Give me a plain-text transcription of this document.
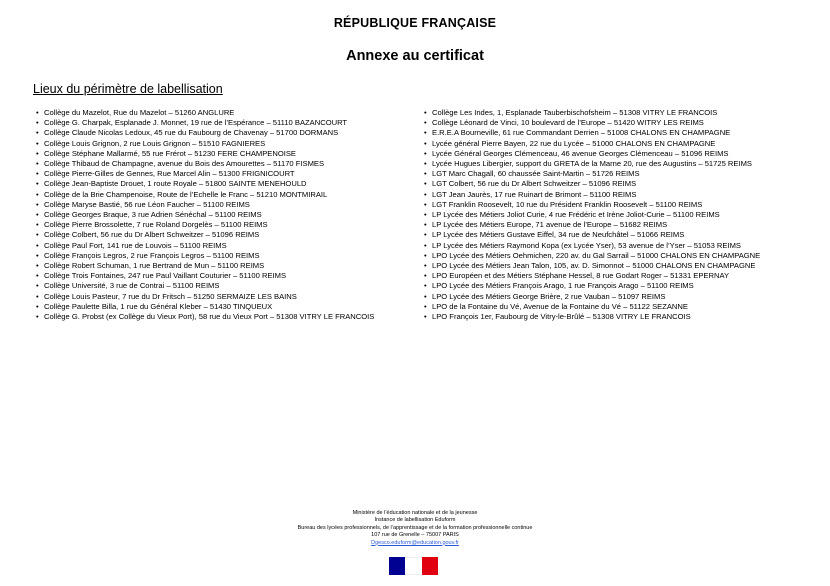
RÉPUBLIQUE FRANÇAISE
Annexe au certificat
Lieux du périmètre de labellisation
• Collège du Mazelot, Rue du Mazelot – 51260 ANGLURE
• Collège G. Charpak, Esplanade J. Monnet, 19 rue de l’Espérance – 51110 BAZANCOURT
• Collège Claude Nicolas Ledoux, 45 rue du Faubourg de Chavenay – 51700 DORMANS
• Collège Louis Grignon, 2 rue Louis Grignon – 51510 FAGNIERES
• Collège Stéphane Mallarmé, 55 rue Frérot – 51230 FERE CHAMPENOISE
• Collège Thibaud de Champagne, avenue du Bois des Amourettes – 51170 FISMES
• Collège Pierre-Gilles de Gennes, Rue Marcel Alin – 51300 FRIGNICOURT
• Collège Jean-Baptiste Drouet, 1 route Royale – 51800 SAINTE MENEHOULD
• Collège de la Brie Champenoise, Route de l’Echelle le Franc – 51210 MONTMIRAIL
• Collège Maryse Bastié, 56 rue Léon Faucher – 51100 REIMS
• Collège Georges Braque, 3 rue Adrien Sénéchal – 51100 REIMS
• Collège Pierre Brossolette, 7 rue Roland Dorgelès – 51100 REIMS
• Collège Colbert, 56 rue du Dr Albert Schweitzer – 51096 REIMS
• Collège Paul Fort, 141 rue de Louvois – 51100 REIMS
• Collège François Legros, 2 rue François Legros – 51100 REIMS
• Collège Robert Schuman, 1 rue Bertrand de Mun – 51100 REIMS
• Collège Trois Fontaines, 247 rue Paul Vaillant Couturier – 51100 REIMS
• Collège Université, 3 rue de Contrai – 51100 REIMS
• Collège Louis Pasteur, 7 rue du Dr Fritsch – 51250 SERMAIZE LES BAINS
• Collège Paulette Billa, 1 rue du Général Kleber – 51430 TINQUEUX
• Collège G. Probst (ex Collège du Vieux Port), 58 rue du Vieux Port – 51308 VITRY LE FRANCOIS
• Collège Les Indes, 1, Esplanade Tauberbischofsheim – 51308 VITRY LE FRANCOIS
• Collège Léonard de Vinci, 10 boulevard de l’Europe – 51420 WITRY LES REIMS
• E.R.E.A Bourneville, 61 rue Commandant Derrien – 51008 CHALONS EN CHAMPAGNE
• Lycée général Pierre Bayen, 22 rue du Lycée – 51000 CHALONS EN CHAMPAGNE
• Lycée Général Georges Clémenceau, 46 avenue Georges Clémenceau – 51096 REIMS
• Lycée Hugues Libergier, support du GRETA de la Marne 20, rue des Augustins – 51725 REIMS
• LGT Marc Chagall, 60 chaussée Saint-Martin – 51726 REIMS
• LGT Colbert, 56 rue du Dr Albert Schweitzer – 51096 REIMS
• LGT Jean Jaurès, 17 rue Ruinart de Brimont – 51100 REIMS
• LGT Franklin Roosevelt, 10 rue du Président Franklin Roosevelt – 51100 REIMS
• LP Lycée des Métiers Joliot Curie, 4 rue Frédéric et Irène Joliot-Curie – 51100 REIMS
• LP Lycée des Métiers Europe, 71 avenue de l’Europe – 51682 REIMS
• LP Lycée des Métiers Gustave Eiffel, 34 rue de Neufchâtel – 51066 REIMS
• LP Lycée des Métiers Raymond Kopa (ex Lycée Yser), 53 avenue de l’Yser – 51053 REIMS
• LPO Lycée des Métiers Oehmichen, 220 av. du Gal Sarrail – 51000 CHALONS EN CHAMPAGNE
• LPO Lycée des Métiers Jean Talon, 105, av. D. Simonnot – 51000 CHALONS EN CHAMPAGNE
• LPO Européen et des Métiers Stéphane Hessel, 8 rue Godart Roger – 51331 EPERNAY
• LPO Lycée des Métiers François Arago, 1 rue François Arago – 51100 REIMS
• LPO Lycée des Métiers George Brière, 2 rue Vauban – 51097 REIMS
• LPO de la Fontaine du Vé, Avenue de la Fontaine du Vé – 51122 SEZANNE
• LPO François 1er, Faubourg de Vitry-le-Brûlé – 51308 VITRY LE FRANCOIS
Ministère de l’éducation nationale et de la jeunesse
Instance de labellisation Eduform
Bureau des lycées professionnels, de l’apprentissage et de la formation professionnelle continue
107 rue de Grenelle – 75007 PARIS
Dgesco.eduform@education.gouv.fr
